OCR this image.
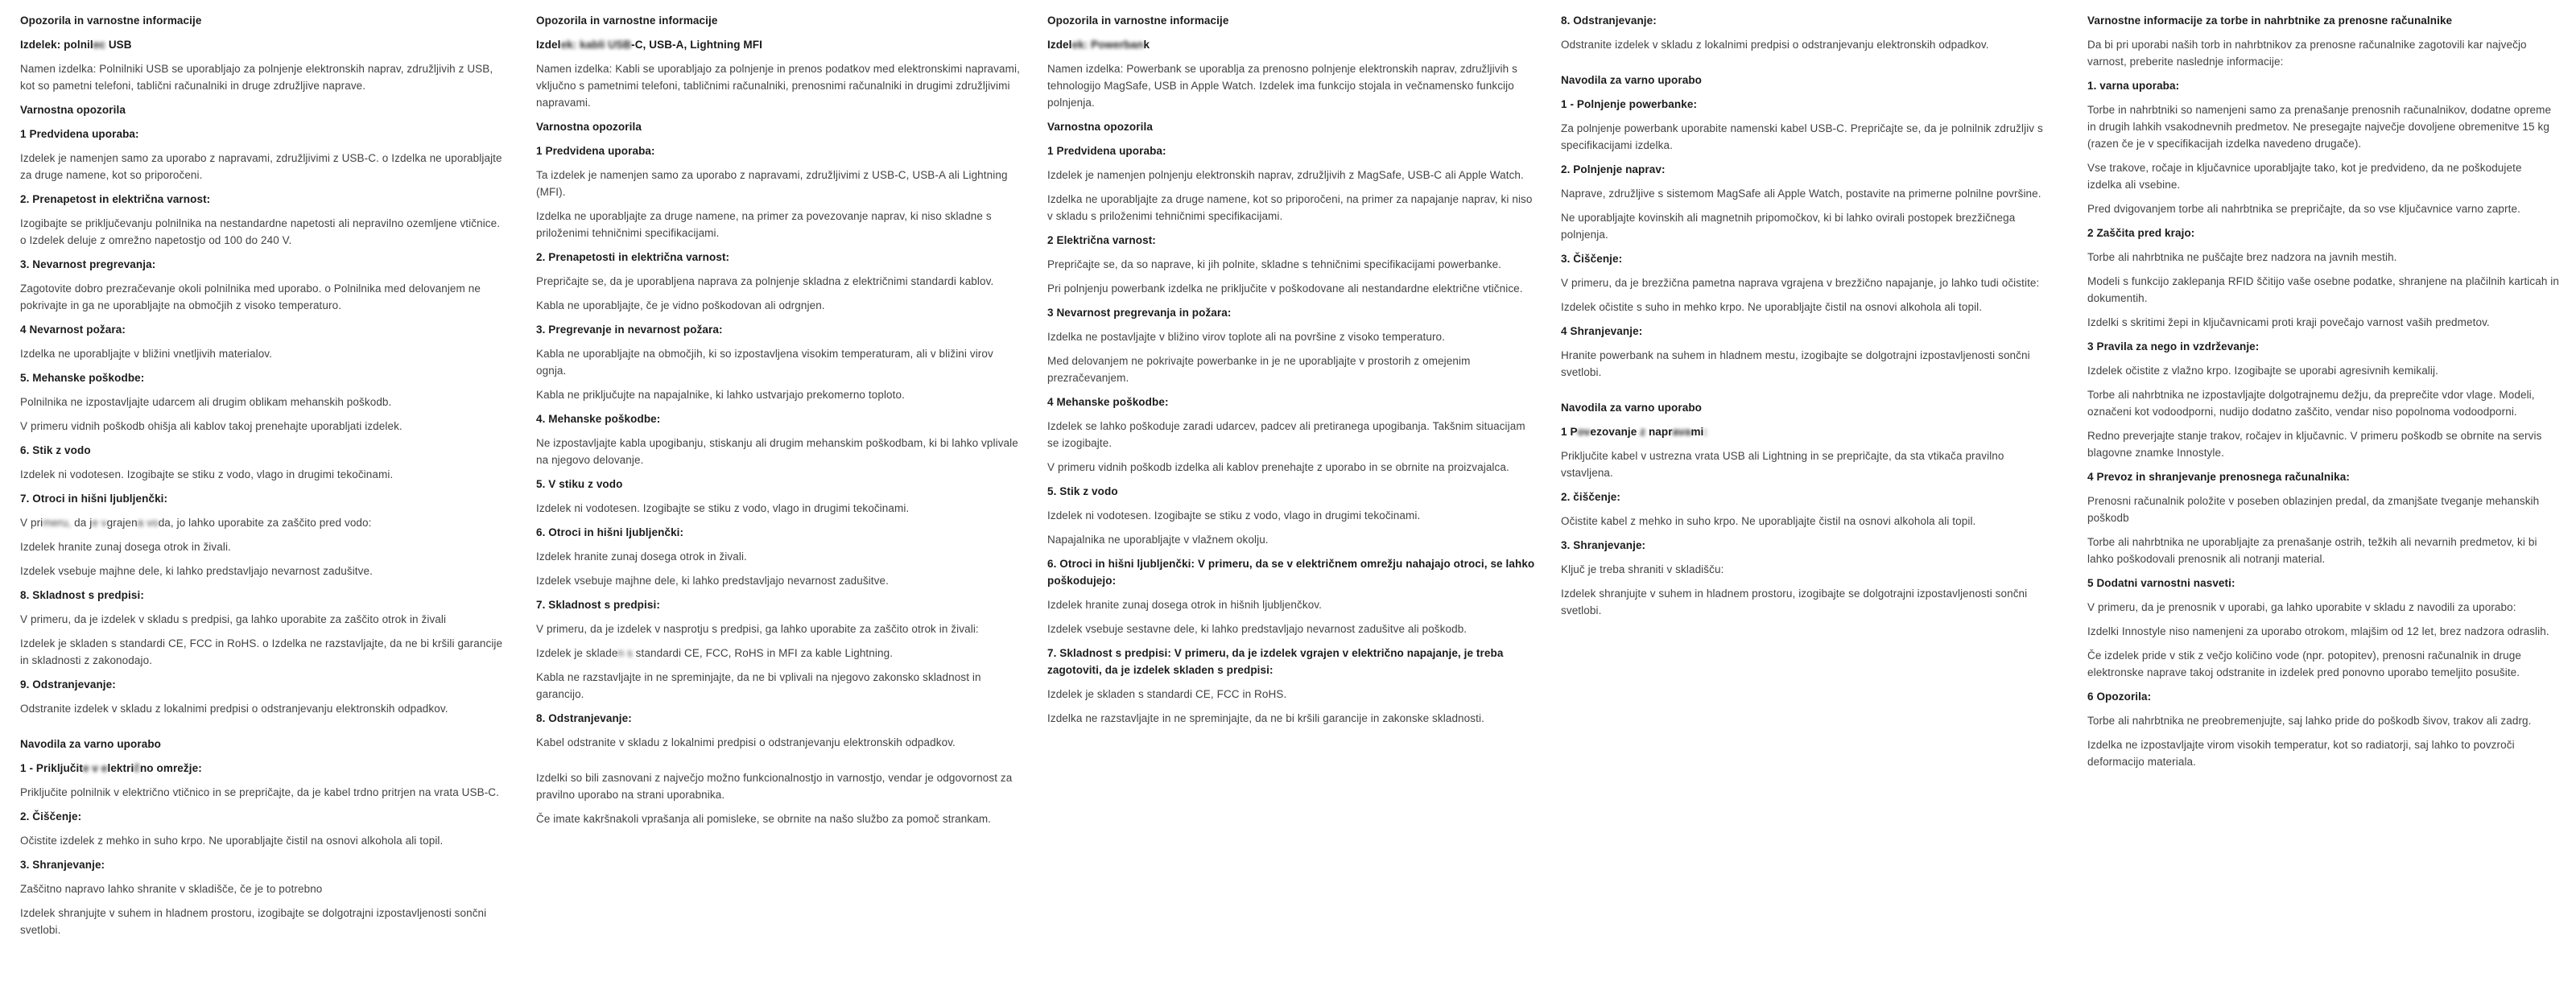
Opozorila in varnostne informacije

Izdelek: polnilec USB

Namen izdelka: Polnilniki USB se uporabljajo za polnjenje elektronskih naprav, združljivih z USB, kot so pametni telefoni, tablični računalniki in druge združljive naprave.

Varnostna opozorila

1 Predvidena uporaba:

Izdelek je namenjen samo za uporabo z napravami, združljivimi z USB-C. o Izdelka ne uporabljajte za druge namene, kot so priporočeni.

2. Prenapetost in električna varnost:

Izogibajte se priključevanju polnilnika na nestandardne napetosti ali nepravilno ozemljene vtičnice. o Izdelek deluje z omrežno napetostjo od 100 do 240 V.

3. Nevarnost pregrevanja:

Zagotovite dobro prezračevanje okoli polnilnika med uporabo. o Polnilnika med delovanjem ne pokrivajte in ga ne uporabljajte na območjih z visoko temperaturo.

4 Nevarnost požara:

Izdelka ne uporabljajte v bližini vnetljivih materialov.

5. Mehanske poškodbe:

Polnilnika ne izpostavljajte udarcem ali drugim oblikam mehanskih poškodb.

V primeru vidnih poškodb ohišja ali kablov takoj prenehajte uporabljati izdelek.

6. Stik z vodo

Izdelek ni vodotesen. Izogibajte se stiku z vodo, vlago in drugimi tekočinami.

7. Otroci in hišni ljubljenčki:

V primeru, da je vgrajena voda, jo lahko uporabite za zaščito pred vodo:

Izdelek hranite zunaj dosega otrok in živali.

Izdelek vsebuje majhne dele, ki lahko predstavljajo nevarnost zadušitve.

8. Skladnost s predpisi:

V primeru, da je izdelek v skladu s predpisi, ga lahko uporabite za zaščito otrok in živali

Izdelek je skladen s standardi CE, FCC in RoHS. o Izdelka ne razstavljajte, da ne bi kršili garancije in skladnosti z zakonodajo.

9. Odstranjevanje:

Odstranite izdelek v skladu z lokalnimi predpisi o odstranjevanju elektronskih odpadkov.

Navodila za varno uporabo

1 - Priključite v električno omrežje:

Priključite polnilnik v električno vtičnico in se prepričajte, da je kabel trdno pritrjen na vrata USB-C.

2. Čiščenje:

Očistite izdelek z mehko in suho krpo. Ne uporabljajte čistil na osnovi alkohola ali topil.

3. Shranjevanje:

Zaščitno napravo lahko shranite v skladišče, če je to potrebno

Izdelek shranjujte v suhem in hladnem prostoru, izogibajte se dolgotrajni izpostavljenosti sončni svetlobi.

Opozorila in varnostne informacije

Izdelek: kabli USB-C, USB-A, Lightning MFI

Namen izdelka: Kabli se uporabljajo za polnjenje in prenos podatkov med elektronskimi napravami, vključno s pametnimi telefoni, tabličnimi računalniki, prenosnimi računalniki in drugimi združljivimi napravami.

Varnostna opozorila

1 Predvidena uporaba:

Ta izdelek je namenjen samo za uporabo z napravami, združljivimi z USB-C, USB-A ali Lightning (MFI).

Izdelka ne uporabljajte za druge namene, na primer za povezovanje naprav, ki niso skladne s priloženimi tehničnimi specifikacijami.

2. Prenapetosti in električna varnost:

Prepričajte se, da je uporabljena naprava za polnjenje skladna z električnimi standardi kablov.

Kabla ne uporabljajte, če je vidno poškodovan ali odrgnjen.

3. Pregrevanje in nevarnost požara:

Kabla ne uporabljajte na območjih, ki so izpostavljena visokim temperaturam, ali v bližini virov ognja.

Kabla ne priključujte na napajalnike, ki lahko ustvarjajo prekomerno toploto.

4. Mehanske poškodbe:

Ne izpostavljajte kabla upogibanju, stiskanju ali drugim mehanskim poškodbam, ki bi lahko vplivale na njegovo delovanje.

5. V stiku z vodo

Izdelek ni vodotesen. Izogibajte se stiku z vodo, vlago in drugimi tekočinami.

6. Otroci in hišni ljubljenčki:

Izdelek hranite zunaj dosega otrok in živali.

Izdelek vsebuje majhne dele, ki lahko predstavljajo nevarnost zadušitve.

7. Skladnost s predpisi:

V primeru, da je izdelek v nasprotju s predpisi, ga lahko uporabite za zaščito otrok in živali:

Izdelek je skladen s standardi CE, FCC, RoHS in MFI za kable Lightning.

Kabla ne razstavljajte in ne spreminjajte, da ne bi vplivali na njegovo zakonsko skladnost in garancijo.

8. Odstranjevanje:

Kabel odstranite v skladu z lokalnimi predpisi o odstranjevanju elektronskih odpadkov.

Izdelki so bili zasnovani z največjo možno funkcionalnostjo in varnostjo, vendar je odgovornost za pravilno uporabo na strani uporabnika.

Če imate kakršnakoli vprašanja ali pomisleke, se obrnite na našo službo za pomoč strankam.

Opozorila in varnostne informacije

Izdelek: Powerbank

Namen izdelka: Powerbank se uporablja za prenosno polnjenje elektronskih naprav, združljivih s tehnologijo MagSafe, USB in Apple Watch. Izdelek ima funkcijo stojala in večnamensko funkcijo polnjenja.

Varnostna opozorila

1 Predvidena uporaba:

Izdelek je namenjen polnjenju elektronskih naprav, združljivih z MagSafe, USB-C ali Apple Watch.

Izdelka ne uporabljajte za druge namene, kot so priporočeni, na primer za napajanje naprav, ki niso v skladu s priloženimi tehničnimi specifikacijami.

2 Električna varnost:

Prepričajte se, da so naprave, ki jih polnite, skladne s tehničnimi specifikacijami powerbanke.

Pri polnjenju powerbank izdelka ne priključite v poškodovane ali nestandardne električne vtičnice.

3 Nevarnost pregrevanja in požara:

Izdelka ne postavljajte v bližino virov toplote ali na površine z visoko temperaturo.

Med delovanjem ne pokrivajte powerbanke in je ne uporabljajte v prostorih z omejenim prezračevanjem.

4 Mehanske poškodbe:

Izdelek se lahko poškoduje zaradi udarcev, padcev ali pretiranega upogibanja. Takšnim situacijam se izogibajte.

V primeru vidnih poškodb izdelka ali kablov prenehajte z uporabo in se obrnite na proizvajalca.

5. Stik z vodo

Izdelek ni vodotesen. Izogibajte se stiku z vodo, vlago in drugimi tekočinami.

Napajalnika ne uporabljajte v vlažnem okolju.

6. Otroci in hišni ljubljenčki: V primeru, da se v električnem omrežju nahajajo otroci, se lahko poškodujejo:

Izdelek hranite zunaj dosega otrok in hišnih ljubljenčkov.

Izdelek vsebuje sestavne dele, ki lahko predstavljajo nevarnost zadušitve ali poškodb.

7. Skladnost s predpisi: V primeru, da je izdelek vgrajen v električno napajanje, je treba zagotoviti, da je izdelek skladen s predpisi:

Izdelek je skladen s standardi CE, FCC in RoHS.

Izdelka ne razstavljajte in ne spreminjajte, da ne bi kršili garancije in zakonske skladnosti.

8. Odstranjevanje:

Odstranite izdelek v skladu z lokalnimi predpisi o odstranjevanju elektronskih odpadkov.

Navodila za varno uporabo

1 - Polnjenje powerbanke:

Za polnjenje powerbank uporabite namenski kabel USB-C. Prepričajte se, da je polnilnik združljiv s specifikacijami izdelka.

2. Polnjenje naprav:

Naprave, združljive s sistemom MagSafe ali Apple Watch, postavite na primerne polnilne površine.

Ne uporabljajte kovinskih ali magnetnih pripomočkov, ki bi lahko ovirali postopek brezžičnega polnjenja.

3. Čiščenje:

V primeru, da je brezžična pametna naprava vgrajena v brezžično napajanje, jo lahko tudi očistite:

Izdelek očistite s suho in mehko krpo. Ne uporabljajte čistil na osnovi alkohola ali topil.

4 Shranjevanje:

Hranite powerbank na suhem in hladnem mestu, izogibajte se dolgotrajni izpostavljenosti sončni svetlobi.

Navodila za varno uporabo

1 Povezovanje z napravami:

Priključite kabel v ustrezna vrata USB ali Lightning in se prepričajte, da sta vtikača pravilno vstavljena.

2. čiščenje:

Očistite kabel z mehko in suho krpo. Ne uporabljajte čistil na osnovi alkohola ali topil.

3. Shranjevanje:

Ključ je treba shraniti v skladišču:

Izdelek shranjujte v suhem in hladnem prostoru, izogibajte se dolgotrajni izpostavljenosti sončni svetlobi.

Varnostne informacije za torbe in nahrbtnike za prenosne računalnike

Da bi pri uporabi naših torb in nahrbtnikov za prenosne računalnike zagotovili kar največjo varnost, preberite naslednje informacije:

1. varna uporaba:

Torbe in nahrbtniki so namenjeni samo za prenašanje prenosnih računalnikov, dodatne opreme in drugih lahkih vsakodnevnih predmetov. Ne presegajte največje dovoljene obremenitve 15 kg (razen če je v specifikacijah izdelka navedeno drugače).

Vse trakove, ročaje in ključavnice uporabljajte tako, kot je predvideno, da ne poškodujete izdelka ali vsebine.

Pred dvigovanjem torbe ali nahrbtnika se prepričajte, da so vse ključavnice varno zaprte.

2 Zaščita pred krajo:

Torbe ali nahrbtnika ne puščajte brez nadzora na javnih mestih.

Modeli s funkcijo zaklepanja RFID ščitijo vaše osebne podatke, shranjene na plačilnih karticah in dokumentih.

Izdelki s skritimi žepi in ključavnicami proti kraji povečajo varnost vaših predmetov.

3 Pravila za nego in vzdrževanje:

Izdelek očistite z vlažno krpo. Izogibajte se uporabi agresivnih kemikalij.

Torbe ali nahrbtnika ne izpostavljajte dolgotrajnemu dežju, da preprečite vdor vlage. Modeli, označeni kot vodoodporni, nudijo dodatno zaščito, vendar niso popolnoma vodoodporni.

Redno preverjajte stanje trakov, ročajev in ključavnic. V primeru poškodb se obrnite na servis blagovne znamke Innostyle.

4 Prevoz in shranjevanje prenosnega računalnika:

Prenosni računalnik položite v poseben oblazinjen predal, da zmanjšate tveganje mehanskih poškodb

Torbe ali nahrbtnika ne uporabljajte za prenašanje ostrih, težkih ali nevarnih predmetov, ki bi lahko poškodovali prenosnik ali notranji material.

5 Dodatni varnostni nasveti:

V primeru, da je prenosnik v uporabi, ga lahko uporabite v skladu z navodili za uporabo:

Izdelki Innostyle niso namenjeni za uporabo otrokom, mlajšim od 12 let, brez nadzora odraslih.

Če izdelek pride v stik z večjo količino vode (npr. potopitev), prenosni računalnik in druge elektronske naprave takoj odstranite in izdelek pred ponovno uporabo temeljito posušite.

6 Opozorila:

Torbe ali nahrbtnika ne preobremenjujte, saj lahko pride do poškodb šivov, trakov ali zadrg.

Izdelka ne izpostavljajte virom visokih temperatur, kot so radiatorji, saj lahko to povzroči deformacijo materiala.
